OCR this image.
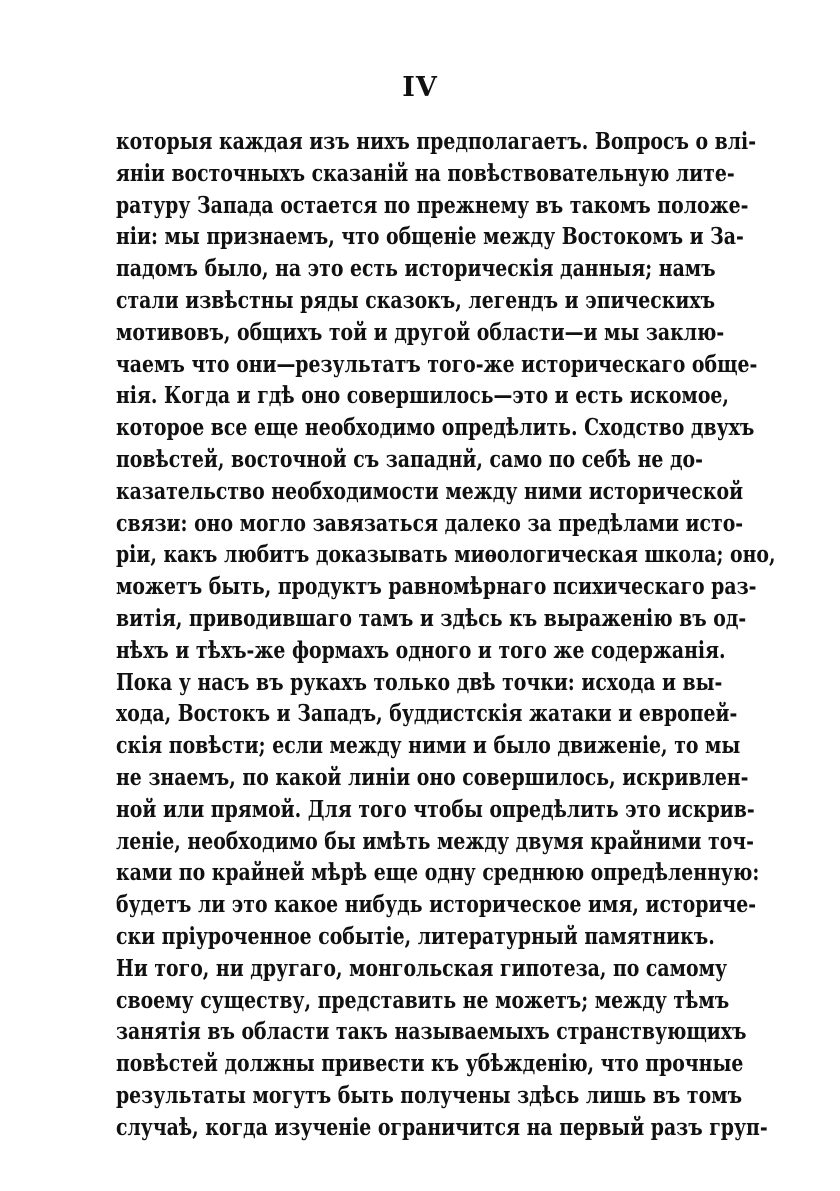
IV
которыя каждая изъ нихъ предполагаетъ. Вопросъ о влі-
яніи восточныхъ сказаній на повѣствовательную лите-
ратуру Запада остается по прежнему въ такомъ положе-
ніи: мы признаемъ, что общеніе между Востокомъ и За-
падомъ было, на это есть историческія данныя; намъ
стали извѣстны ряды сказокъ, легендъ и эпическихъ
мотивовъ, общихъ той и другой области—и мы заклю-
чаемъ что они—результатъ того-же историческаго обще-
нія. Когда и гдѣ оно совершилось—это и есть искомое,
которое все еще необходимо опредѣлить. Сходство двухъ
повѣстей, восточной съ западнй, само по себѣ не до-
казательство необходимости между ними исторической
связи: оно могло завязаться далеко за предѣлами исто-
ріи, какъ любитъ доказывать миѳологическая школа; оно,
можетъ быть, продуктъ равномѣрнаго психическаго раз-
витія, приводившаго тамъ и здѣсь къ выраженію въ од-
нѣхъ и тѣхъ-же формахъ одного и того же содержанія.
Пока у насъ въ рукахъ только двѣ точки: исхода и вы-
хода, Востокъ и Западъ, буддистскія жатаки и европей-
скія повѣсти; если между ними и было движеніе, то мы
не знаемъ, по какой линіи оно совершилось, искривлен-
ной или прямой. Для того чтобы опредѣлить это искрив-
леніе, необходимо бы имѣть между двумя крайними точ-
ками по крайней мѣрѣ еще одну среднюю опредѣленную:
будетъ ли это какое нибудь историческое имя, историче-
ски пріуроченное событіе, литературный памятникъ.
Ни того, ни другаго, монгольская гипотеза, по самому
своему существу, представить не можетъ; между тѣмъ
занятія въ области такъ называемыхъ странствующихъ
повѣстей должны привести къ убѣжденію, что прочные
результаты могутъ быть получены здѣсь лишь въ томъ
случаѣ, когда изученіе ограничится на первый разъ груп-
